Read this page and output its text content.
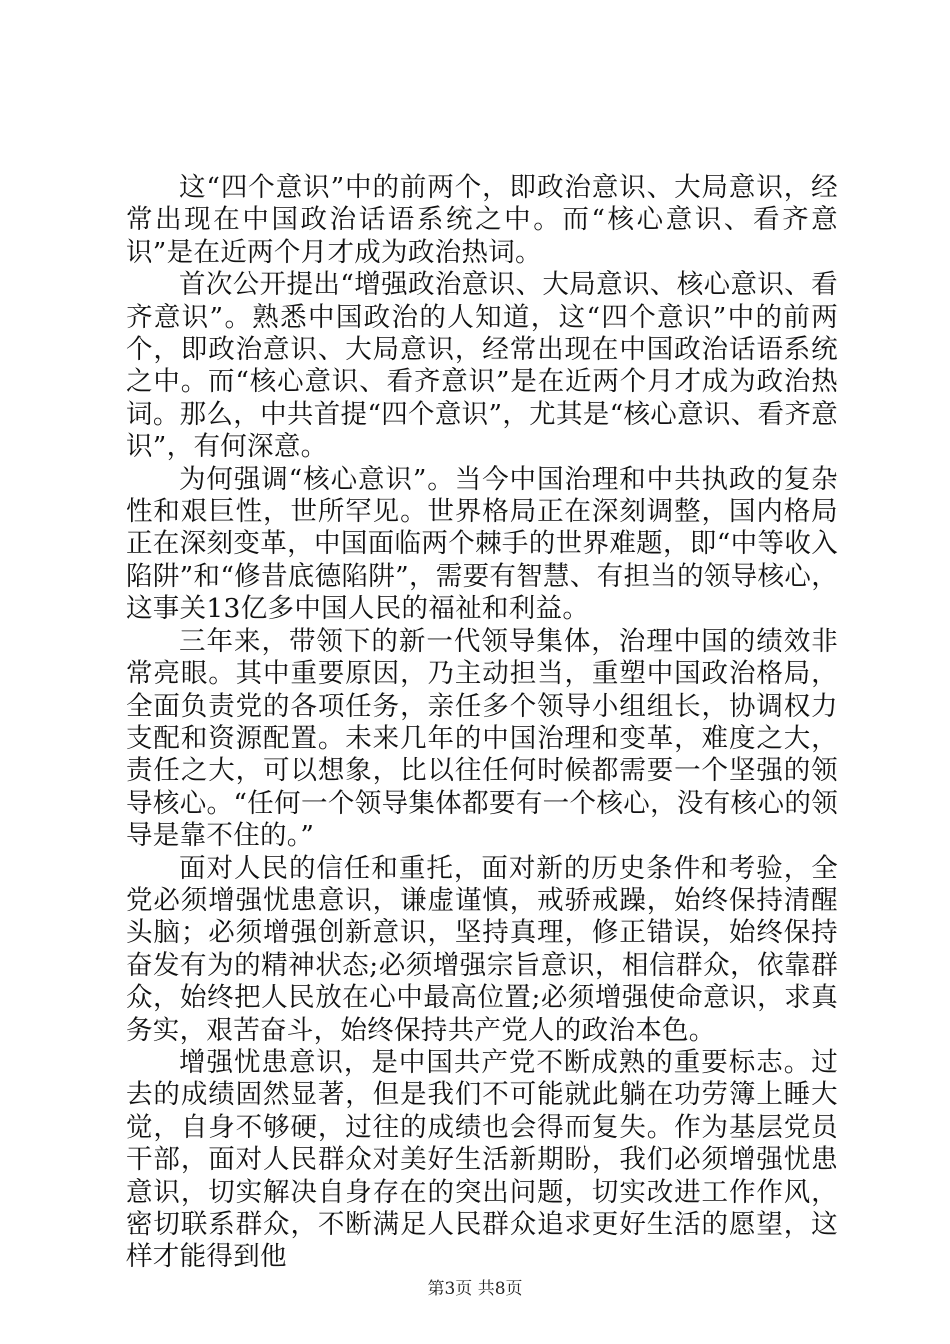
这“四个意识”中的前两个，即政治意识、大局意识，经常出现在中国政治话语系统之中。而“核心意识、看齐意识”是在近两个月才成为政治热词。

首次公开提出“增强政治意识、大局意识、核心意识、看齐意识”。熟悉中国政治的人知道，这“四个意识”中的前两个，即政治意识、大局意识，经常出现在中国政治话语系统之中。而“核心意识、看齐意识”是在近两个月才成为政治热词。那么，中共首提“四个意识”，尤其是“核心意识、看齐意识”，有何深意。

为何强调“核心意识”。当今中国治理和中共执政的复杂性和艰巨性，世所罕见。世界格局正在深刻调整，国内格局正在深刻变革，中国面临两个棘手的世界难题，即“中等收入陷阱”和“修昔底德陷阱”，需要有智慧、有担当的领导核心，这事关13亿多中国人民的福祉和利益。

三年来，带领下的新一代领导集体，治理中国的绩效非常亮眼。其中重要原因，乃主动担当，重塑中国政治格局，全面负责党的各项任务，亲任多个领导小组组长，协调权力支配和资源配置。未来几年的中国治理和变革，难度之大，责任之大，可以想象，比以往任何时候都需要一个坚强的领导核心。“任何一个领导集体都要有一个核心，没有核心的领导是靠不住的。”

面对人民的信任和重托，面对新的历史条件和考验，全党必须增强忧患意识，谦虚谨慎，戒骄戒躁，始终保持清醒头脑；必须增强创新意识，坚持真理，修正错误，始终保持奋发有为的精神状态;必须增强宗旨意识，相信群众，依靠群众，始终把人民放在心中最高位置;必须增强使命意识，求真务实，艰苦奋斗，始终保持共产党人的政治本色。

增强忧患意识，是中国共产党不断成熟的重要标志。过去的成绩固然显著，但是我们不可能就此躺在功劳簿上睡大觉，自身不够硬，过往的成绩也会得而复失。作为基层党员干部，面对人民群众对美好生活新期盼，我们必须增强忧患意识，切实解决自身存在的突出问题，切实改进工作作风，密切联系群众，不断满足人民群众追求更好生活的愿望，这样才能得到他

第3页 共8页
